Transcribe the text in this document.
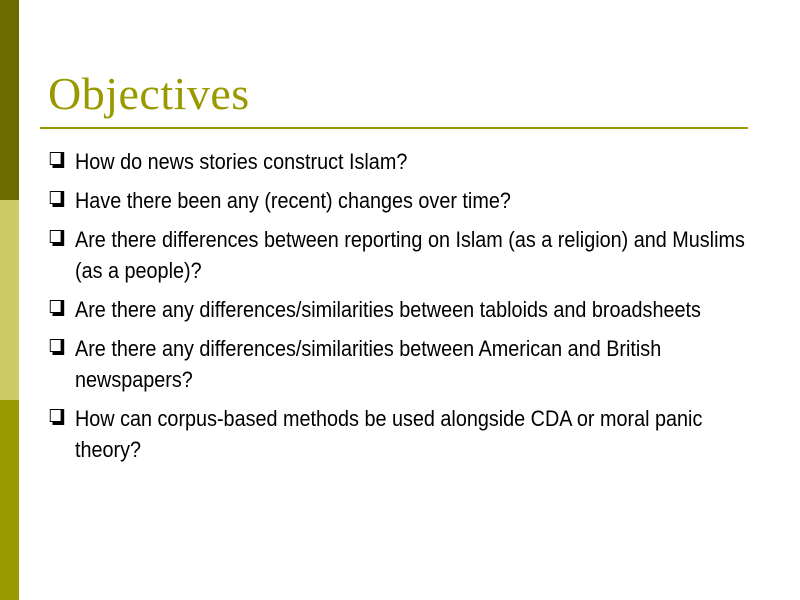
Objectives
How do news stories construct Islam?
Have there been any (recent) changes over time?
Are there differences between reporting on Islam (as a religion) and Muslims (as a people)?
Are there any differences/similarities between tabloids and broadsheets
Are there any differences/similarities between American and British newspapers?
How can corpus-based methods be used alongside CDA or moral panic theory?
